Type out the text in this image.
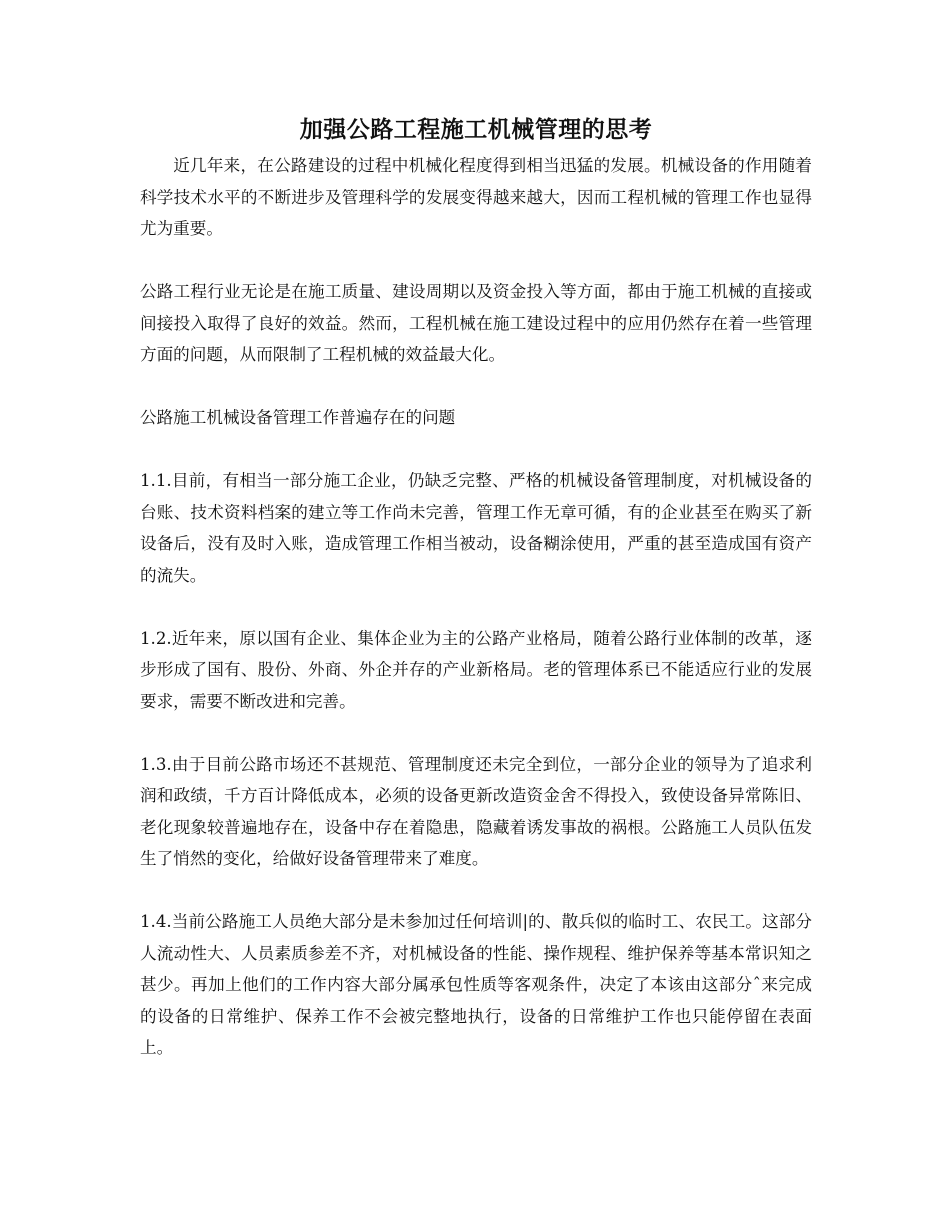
加强公路工程施工机械管理的思考

近几年来，在公路建设的过程中机械化程度得到相当迅猛的发展。机械设备的作用随着科学技术水平的不断进步及管理科学的发展变得越来越大，因而工程机械的管理工作也显得尤为重要。

公路工程行业无论是在施工质量、建设周期以及资金投入等方面，都由于施工机械的直接或间接投入取得了良好的效益。然而，工程机械在施工建设过程中的应用仍然存在着一些管理方面的问题，从而限制了工程机械的效益最大化。

公路施工机械设备管理工作普遍存在的问题

1.1.目前，有相当一部分施工企业，仍缺乏完整、严格的机械设备管理制度，对机械设备的台账、技术资料档案的建立等工作尚未完善，管理工作无章可循，有的企业甚至在购买了新设备后，没有及时入账，造成管理工作相当被动，设备糊涂使用，严重的甚至造成国有资产的流失。

1.2.近年来，原以国有企业、集体企业为主的公路产业格局，随着公路行业体制的改革，逐步形成了国有、股份、外商、外企并存的产业新格局。老的管理体系已不能适应行业的发展要求，需要不断改进和完善。

1.3.由于目前公路市场还不甚规范、管理制度还未完全到位，一部分企业的领导为了追求利润和政绩，千方百计降低成本，必须的设备更新改造资金舍不得投入，致使设备异常陈旧、老化现象较普遍地存在，设备中存在着隐患，隐藏着诱发事故的祸根。公路施工人员队伍发生了悄然的变化，给做好设备管理带来了难度。

1.4.当前公路施工人员绝大部分是未参加过任何培训|的、散兵似的临时工、农民工。这部分人流动性大、人员素质参差不齐，对机械设备的性能、操作规程、维护保养等基本常识知之甚少。再加上他们的工作内容大部分属承包性质等客观条件，决定了本该由这部分ˆ来完成的设备的日常维护、保养工作不会被完整地执行，设备的日常维护工作也只能停留在表面上。
